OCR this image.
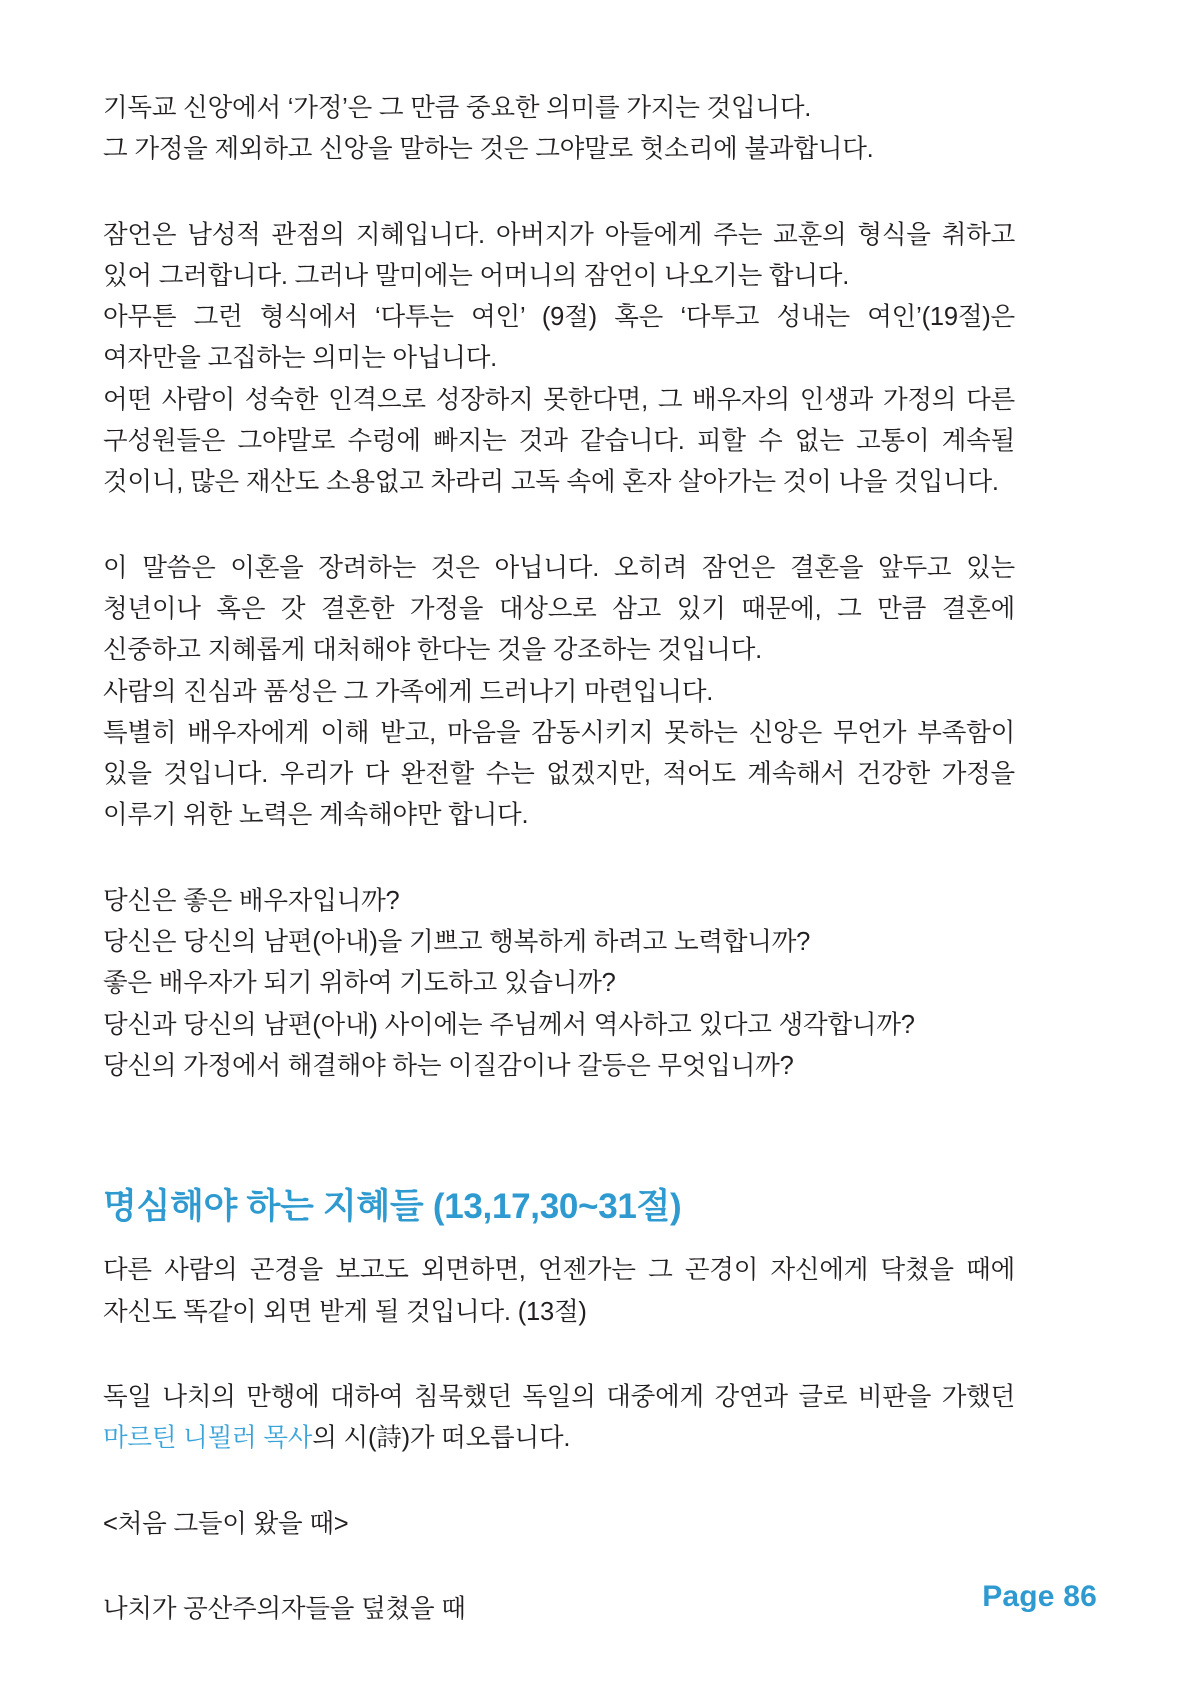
기독교 신앙에서 ‘가정’은 그 만큼 중요한 의미를 가지는 것입니다.

그 가정을 제외하고 신앙을 말하는 것은 그야말로 헛소리에 불과합니다.

잠언은 남성적 관점의 지혜입니다. 아버지가 아들에게 주는 교훈의 형식을 취하고 있어 그러합니다. 그러나 말미에는 어머니의 잠언이 나오기는 합니다.

아무튼 그런 형식에서 ‘다투는 여인’ (9절) 혹은 ‘다투고 성내는 여인’(19절)은 여자만을 고집하는 의미는 아닙니다.

어떤 사람이 성숙한 인격으로 성장하지 못한다면, 그 배우자의 인생과 가정의 다른 구성원들은 그야말로 수렁에 빠지는 것과 같습니다. 피할 수 없는 고통이 계속될 것이니, 많은 재산도 소용없고 차라리 고독 속에 혼자 살아가는 것이 나을 것입니다.

이 말씀은 이혼을 장려하는 것은 아닙니다. 오히려 잠언은 결혼을 앞두고 있는 청년이나 혹은 갓 결혼한 가정을 대상으로 삼고 있기 때문에, 그 만큼 결혼에 신중하고 지혜롭게 대처해야 한다는 것을 강조하는 것입니다.

사람의 진심과 품성은 그 가족에게 드러나기 마련입니다.

특별히 배우자에게 이해 받고, 마음을 감동시키지 못하는 신앙은 무언가 부족함이 있을 것입니다. 우리가 다 완전할 수는 없겠지만, 적어도 계속해서 건강한 가정을 이루기 위한 노력은 계속해야만 합니다.

당신은 좋은 배우자입니까?

당신은 당신의 남편(아내)을 기쁘고 행복하게 하려고 노력합니까?

좋은 배우자가 되기 위하여 기도하고 있습니까?

당신과 당신의 남편(아내) 사이에는 주님께서 역사하고 있다고 생각합니까?

당신의 가정에서 해결해야 하는 이질감이나 갈등은 무엇입니까?

명심해야 하는 지혜들 (13,17,30~31절)

다른 사람의 곤경을 보고도 외면하면, 언젠가는 그 곤경이 자신에게 닥쳤을 때에 자신도 똑같이 외면 받게 될 것입니다. (13절)

독일 나치의 만행에 대하여 침묵했던 독일의 대중에게 강연과 글로 비판을 가했던 마르틴 니묄러 목사의 시(詩)가 떠오릅니다.

<처음 그들이 왔을 때>

나치가 공산주의자들을 덮쳤을 때	Page 86
